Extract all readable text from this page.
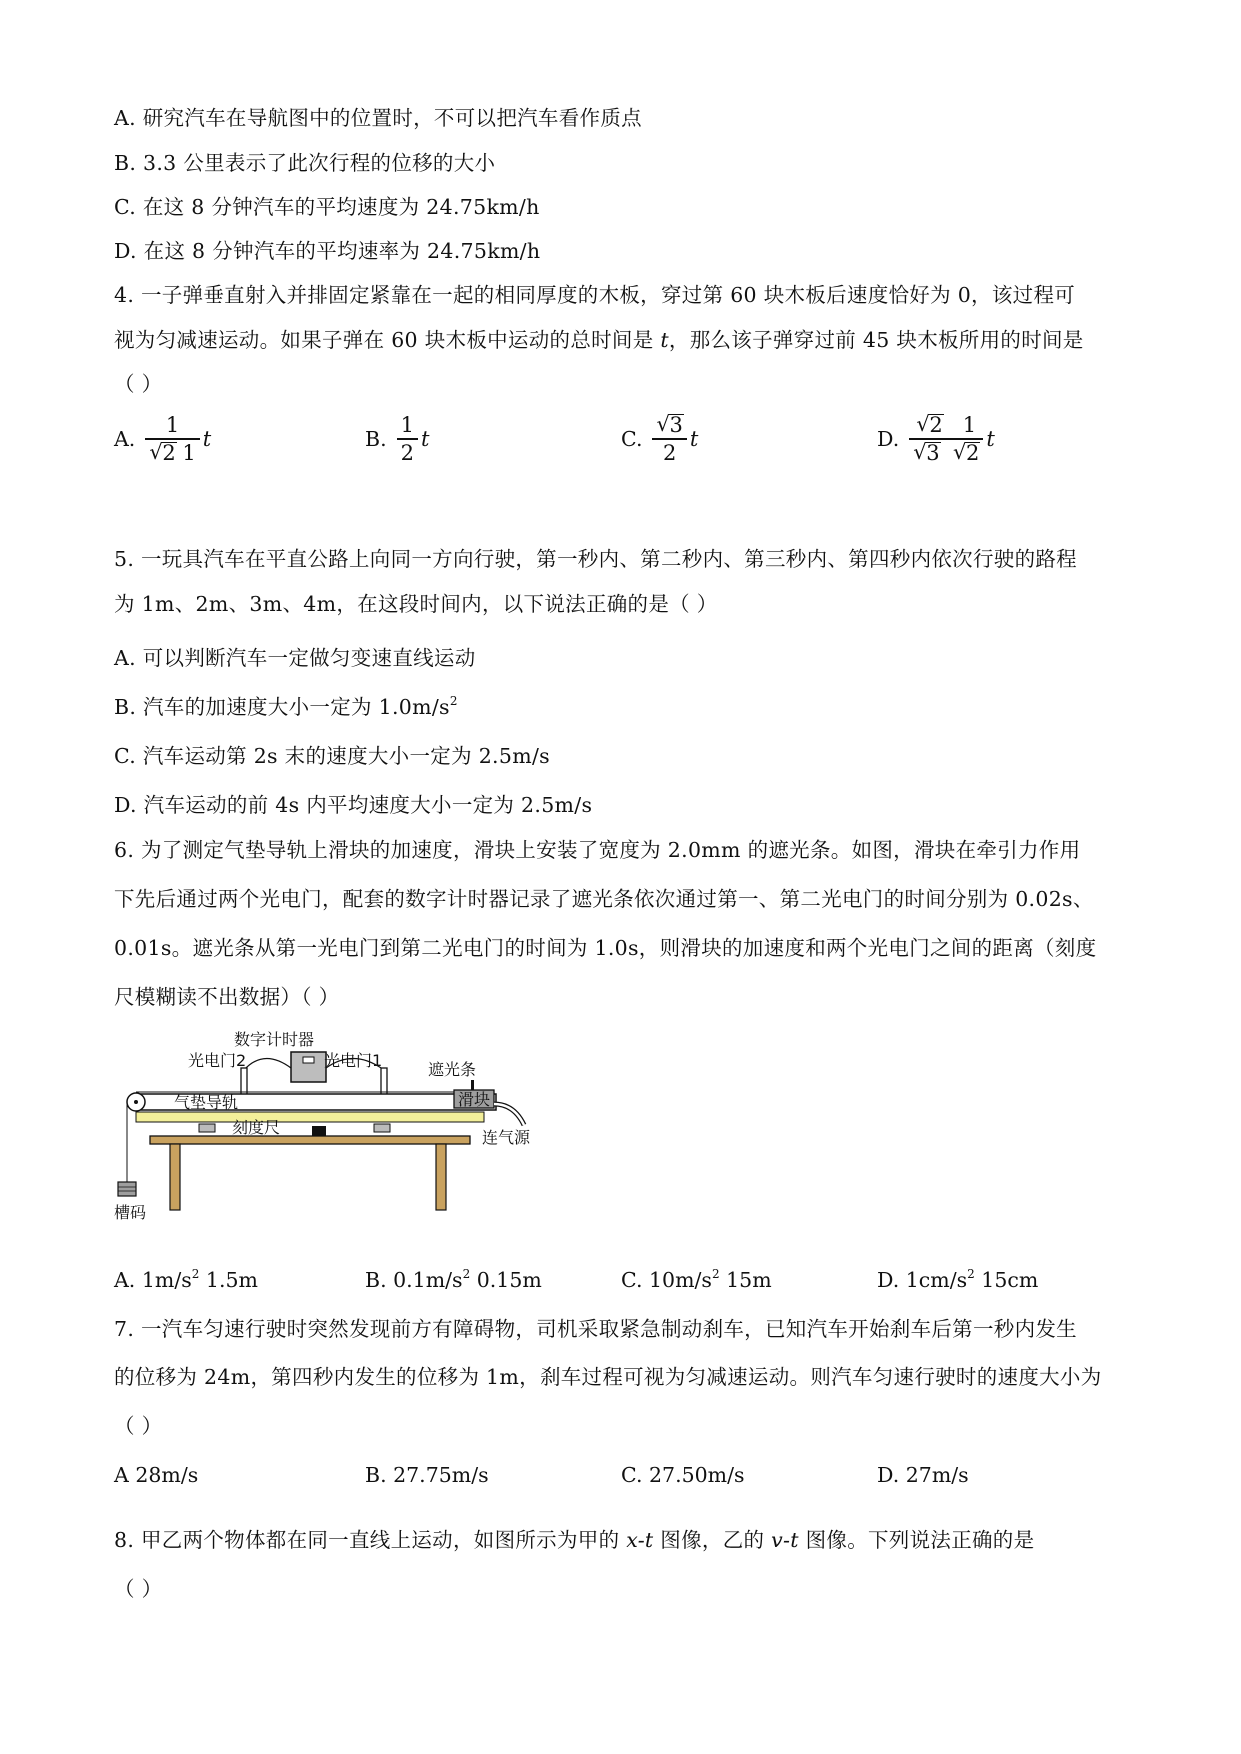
A. 研究汽车在导航图中的位置时，不可以把汽车看作质点
B. 3.3 公里表示了此次行程的位移的大小
C. 在这 8 分钟汽车的平均速度为 24.75km/h
D. 在这 8 分钟汽车的平均速率为 24.75km/h
4. 一子弹垂直射入并排固定紧靠在一起的相同厚度的木板，穿过第 60 块木板后速度恰好为 0，该过程可
视为匀减速运动。如果子弹在 60 块木板中运动的总时间是 t，那么该子弹穿过前 45 块木板所用的时间是
（ ）
A. 1
√ 2 1 t	B. $\frac{1}{2}$ t	C. √ $\frac{3}{2}$ t	D. √ 2 1
√ 3 √ 2 t
5. 一玩具汽车在平直公路上向同一方向行驶，第一秒内、第二秒内、第三秒内、第四秒内依次行驶的路程
为 1m、2m、3m、4m，在这段时间内，以下说法正确的是（ ）
A. 可以判断汽车一定做匀变速直线运动
B. 汽车的加速度大小一定为 $1.0m/s^2$
C. 汽车运动第 2s 末的速度大小一定为 2.5m/s
D. 汽车运动的前 4s 内平均速度大小一定为 2.5m/s
6. 为了测定气垫导轨上滑块的加速度，滑块上安装了宽度为 2.0mm 的遮光条。如图，滑块在牵引力作用
下先后通过两个光电门，配套的数字计时器记录了遮光条依次通过第一、第二光电门的时间分别为 0.02s、
0.01s。遮光条从第一光电门到第二光电门的时间为 1.0s，则滑块的加速度和两个光电门之间的距离（刻度
尺模糊读不出数据）（ ）
数字计时器
光电门2	光电门1	遮光条
滑块
气垫导轨
刻度尺
连气源
槽码
A. $1m/s^2$ 1.5m	B. $0.1m/s^2$ 0.15m	C. $10m/s^2$ 15m	D. $1cm/s^2$ 15cm
7. 一汽车匀速行驶时突然发现前方有障碍物，司机采取紧急制动刹车，已知汽车开始刹车后第一秒内发生
的位移为 24m，第四秒内发生的位移为 1m，刹车过程可视为匀减速运动。则汽车匀速行驶时的速度大小为
（ ）
A 28m/s	B. 27.75m/s	C. 27.50m/s	D. 27m/s
8. 甲乙两个物体都在同一直线上运动，如图所示为甲的 x-t 图像，乙的 v-t 图像。下列说法正确的是
（ ）
